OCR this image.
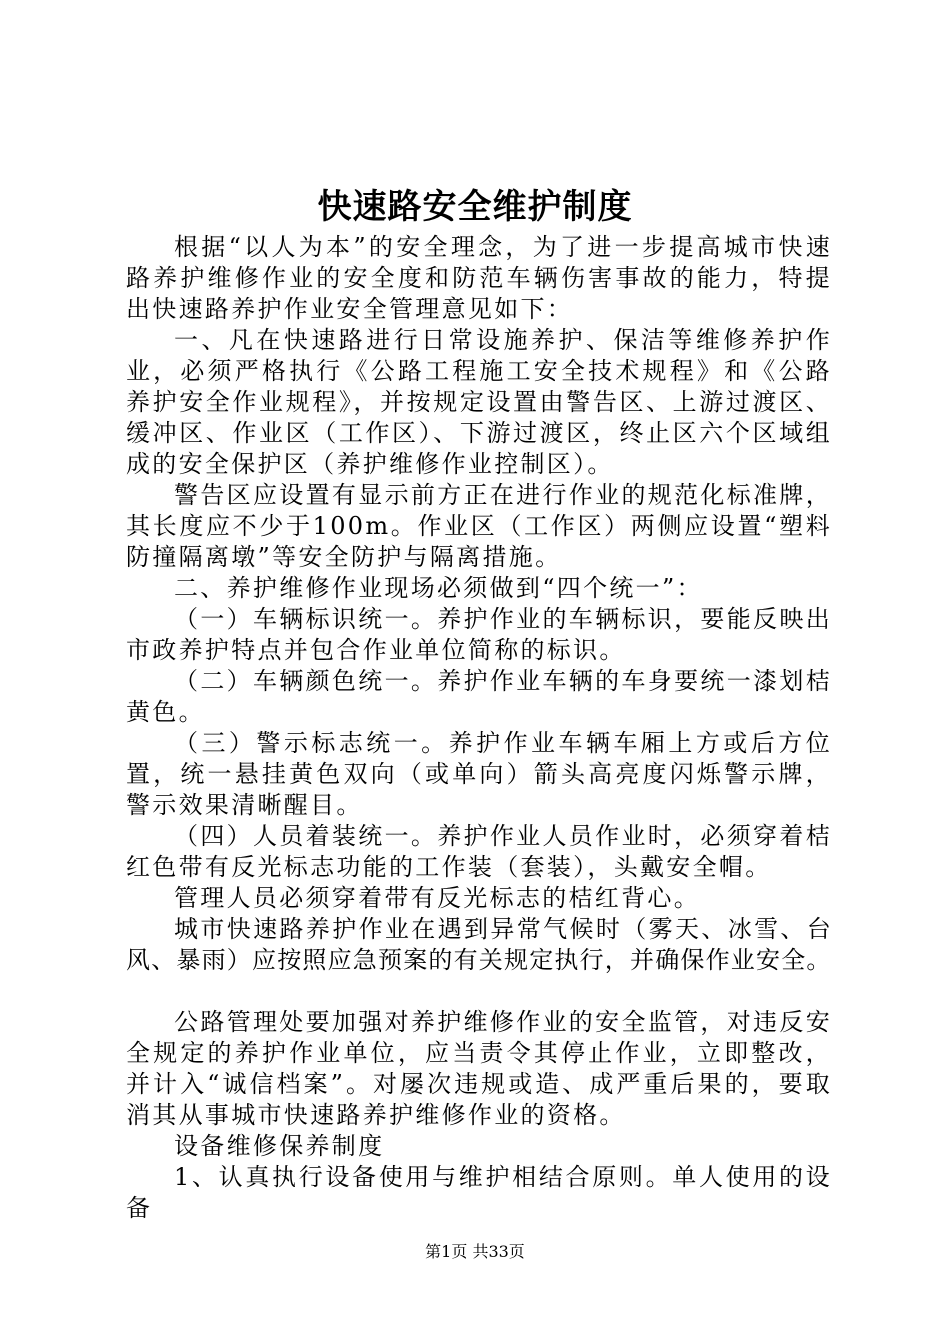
快速路安全维护制度

根据“以人为本”的安全理念，为了进一步提高城市快速路养护维修作业的安全度和防范车辆伤害事故的能力，特提出快速路养护作业安全管理意见如下：

一、凡在快速路进行日常设施养护、保洁等维修养护作业，必须严格执行《公路工程施工安全技术规程》和《公路养护安全作业规程》，并按规定设置由警告区、上游过渡区、缓冲区、作业区（工作区）、下游过渡区，终止区六个区域组成的安全保护区（养护维修作业控制区）。

警告区应设置有显示前方正在进行作业的规范化标准牌，其长度应不少于100m。作业区（工作区）两侧应设置“塑料防撞隔离墩”等安全防护与隔离措施。

二、养护维修作业现场必须做到“四个统一”：

（一）车辆标识统一。养护作业的车辆标识，要能反映出市政养护特点并包合作业单位简称的标识。

（二）车辆颜色统一。养护作业车辆的车身要统一漆划桔黄色。

（三）警示标志统一。养护作业车辆车厢上方或后方位置，统一悬挂黄色双向（或单向）箭头高亮度闪烁警示牌，警示效果清晰醒目。

（四）人员着装统一。养护作业人员作业时，必须穿着桔红色带有反光标志功能的工作装（套装），头戴安全帽。

管理人员必须穿着带有反光标志的桔红背心。

城市快速路养护作业在遇到异常气候时（雾天、冰雪、台风、暴雨）应按照应急预案的有关规定执行，并确保作业安全。

公路管理处要加强对养护维修作业的安全监管，对违反安全规定的养护作业单位，应当责令其停止作业，立即整改，并计入“诚信档案”。对屡次违规或造、成严重后果的，要取消其从事城市快速路养护维修作业的资格。

设备维修保养制度

1、认真执行设备使用与维护相结合原则。单人使用的设备

第1页 共33页
